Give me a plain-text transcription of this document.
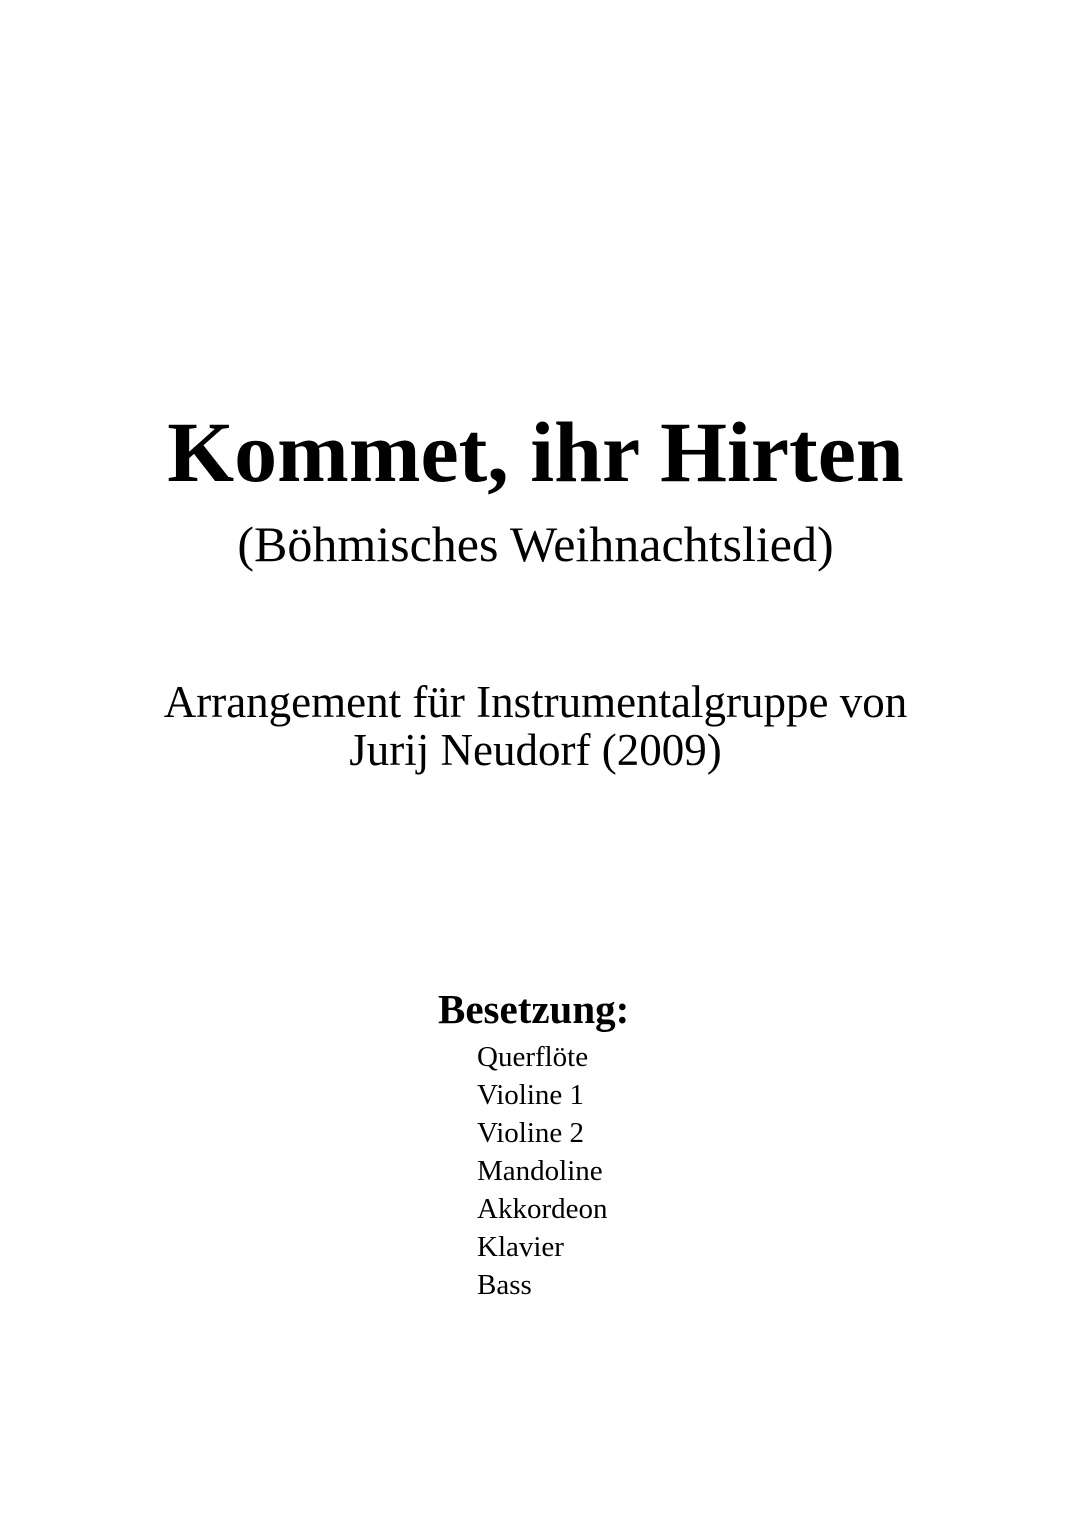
Kommet, ihr Hirten
(Böhmisches Weihnachtslied)
Arrangement für Instrumentalgruppe von
Jurij Neudorf (2009)
Besetzung:
Querflöte
Violine 1
Violine 2
Mandoline
Akkordeon
Klavier
Bass
